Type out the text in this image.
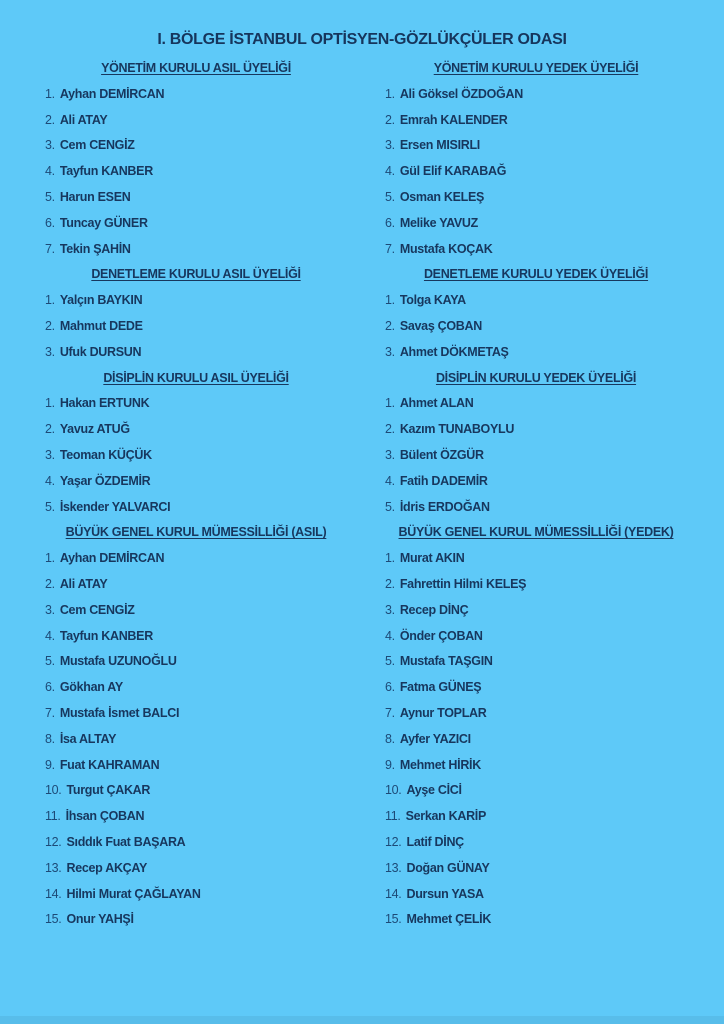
I. BÖLGE İSTANBUL OPTİSYEN-GÖZLÜKÇÜLER ODASI
YÖNETİM KURULU ASIL ÜYELİĞİ
1. Ayhan DEMİRCAN
2. Ali ATAY
3. Cem CENGİZ
4. Tayfun KANBER
5. Harun ESEN
6. Tuncay GÜNER
7. Tekin ŞAHİN
DENETLEME KURULU ASIL ÜYELİĞİ
1. Yalçın BAYKIN
2. Mahmut DEDE
3. Ufuk DURSUN
DİSİPLİN KURULU ASIL ÜYELİĞİ
1. Hakan ERTUNK
2. Yavuz ATUĞ
3. Teoman KÜÇÜK
4. Yaşar ÖZDEMİR
5. İskender YALVARCI
BÜYÜK GENEL KURUL MÜMESSİLLİĞİ (ASIL)
1. Ayhan DEMİRCAN
2. Ali ATAY
3. Cem CENGİZ
4. Tayfun KANBER
5. Mustafa UZUNOĞLU
6. Gökhan AY
7. Mustafa İsmet BALCI
8. İsa ALTAY
9. Fuat KAHRAMAN
10. Turgut ÇAKAR
11. İhsan ÇOBAN
12. Sıddık Fuat BAŞARA
13. Recep AKÇAY
14. Hilmi Murat ÇAĞLAYAN
15. Onur YAHŞİ
YÖNETİM KURULU YEDEK ÜYELİĞİ
1. Ali Göksel ÖZDOĞAN
2. Emrah KALENDER
3. Ersen MISIRLI
4. Gül Elif KARABAĞ
5. Osman KELEŞ
6. Melike YAVUZ
7. Mustafa KOÇAK
DENETLEME KURULU YEDEK ÜYELİĞİ
1. Tolga KAYA
2. Savaş ÇOBAN
3. Ahmet DÖKMETAŞ
DİSİPLİN KURULU YEDEK ÜYELİĞİ
1. Ahmet ALAN
2. Kazım TUNABOYLU
3. Bülent ÖZGÜR
4. Fatih DADEMİR
5. İdris ERDOĞAN
BÜYÜK GENEL KURUL MÜMESSİLLİĞİ (YEDEK)
1. Murat AKIN
2. Fahrettin Hilmi KELEŞ
3. Recep DİNÇ
4. Önder ÇOBAN
5. Mustafa TAŞGIN
6. Fatma GÜNEŞ
7. Aynur TOPLAR
8. Ayfer YAZICI
9. Mehmet HİRİK
10. Ayşe CİCİ
11. Serkan KARİP
12. Latif DİNÇ
13. Doğan GÜNAY
14. Dursun YASA
15. Mehmet ÇELİK
